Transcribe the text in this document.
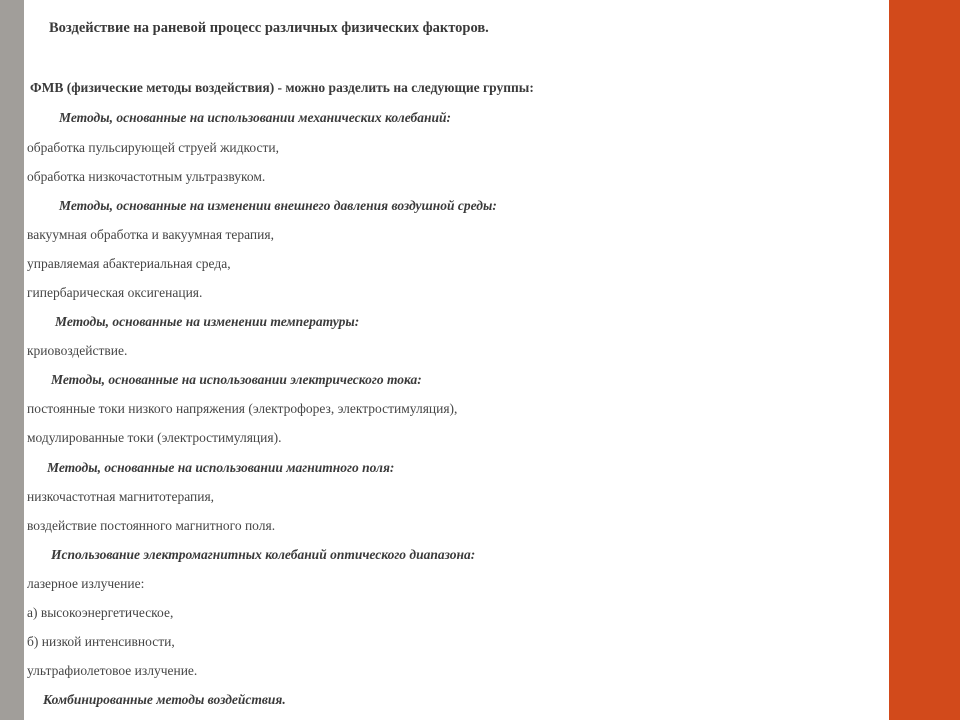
Воздействие на раневой процесс различных физических факторов.
ФМВ (физические методы воздействия) - можно разделить на следующие группы:
Методы, основанные на использовании механических колебаний:
обработка пульсирующей струей жидкости,
обработка низкочастотным ультразвуком.
Методы, основанные на изменении внешнего давления воздушной среды:
вакуумная обработка и вакуумная терапия,
управляемая абактериальная среда,
гипербарическая оксигенация.
Методы, основанные на изменении температуры:
криовоздействие.
Методы, основанные на использовании электрического тока:
постоянные токи низкого напряжения (электрофорез, электростимуляция),
модулированные токи (электростимуляция).
Методы, основанные на использовании магнитного поля:
низкочастотная магнитотерапия,
воздействие постоянного магнитного поля.
Использование электромагнитных колебаний оптического диапазона:
лазерное излучение:
а) высокоэнергетическое,
б) низкой интенсивности,
ультрафиолетовое излучение.
Комбинированные методы воздействия.
